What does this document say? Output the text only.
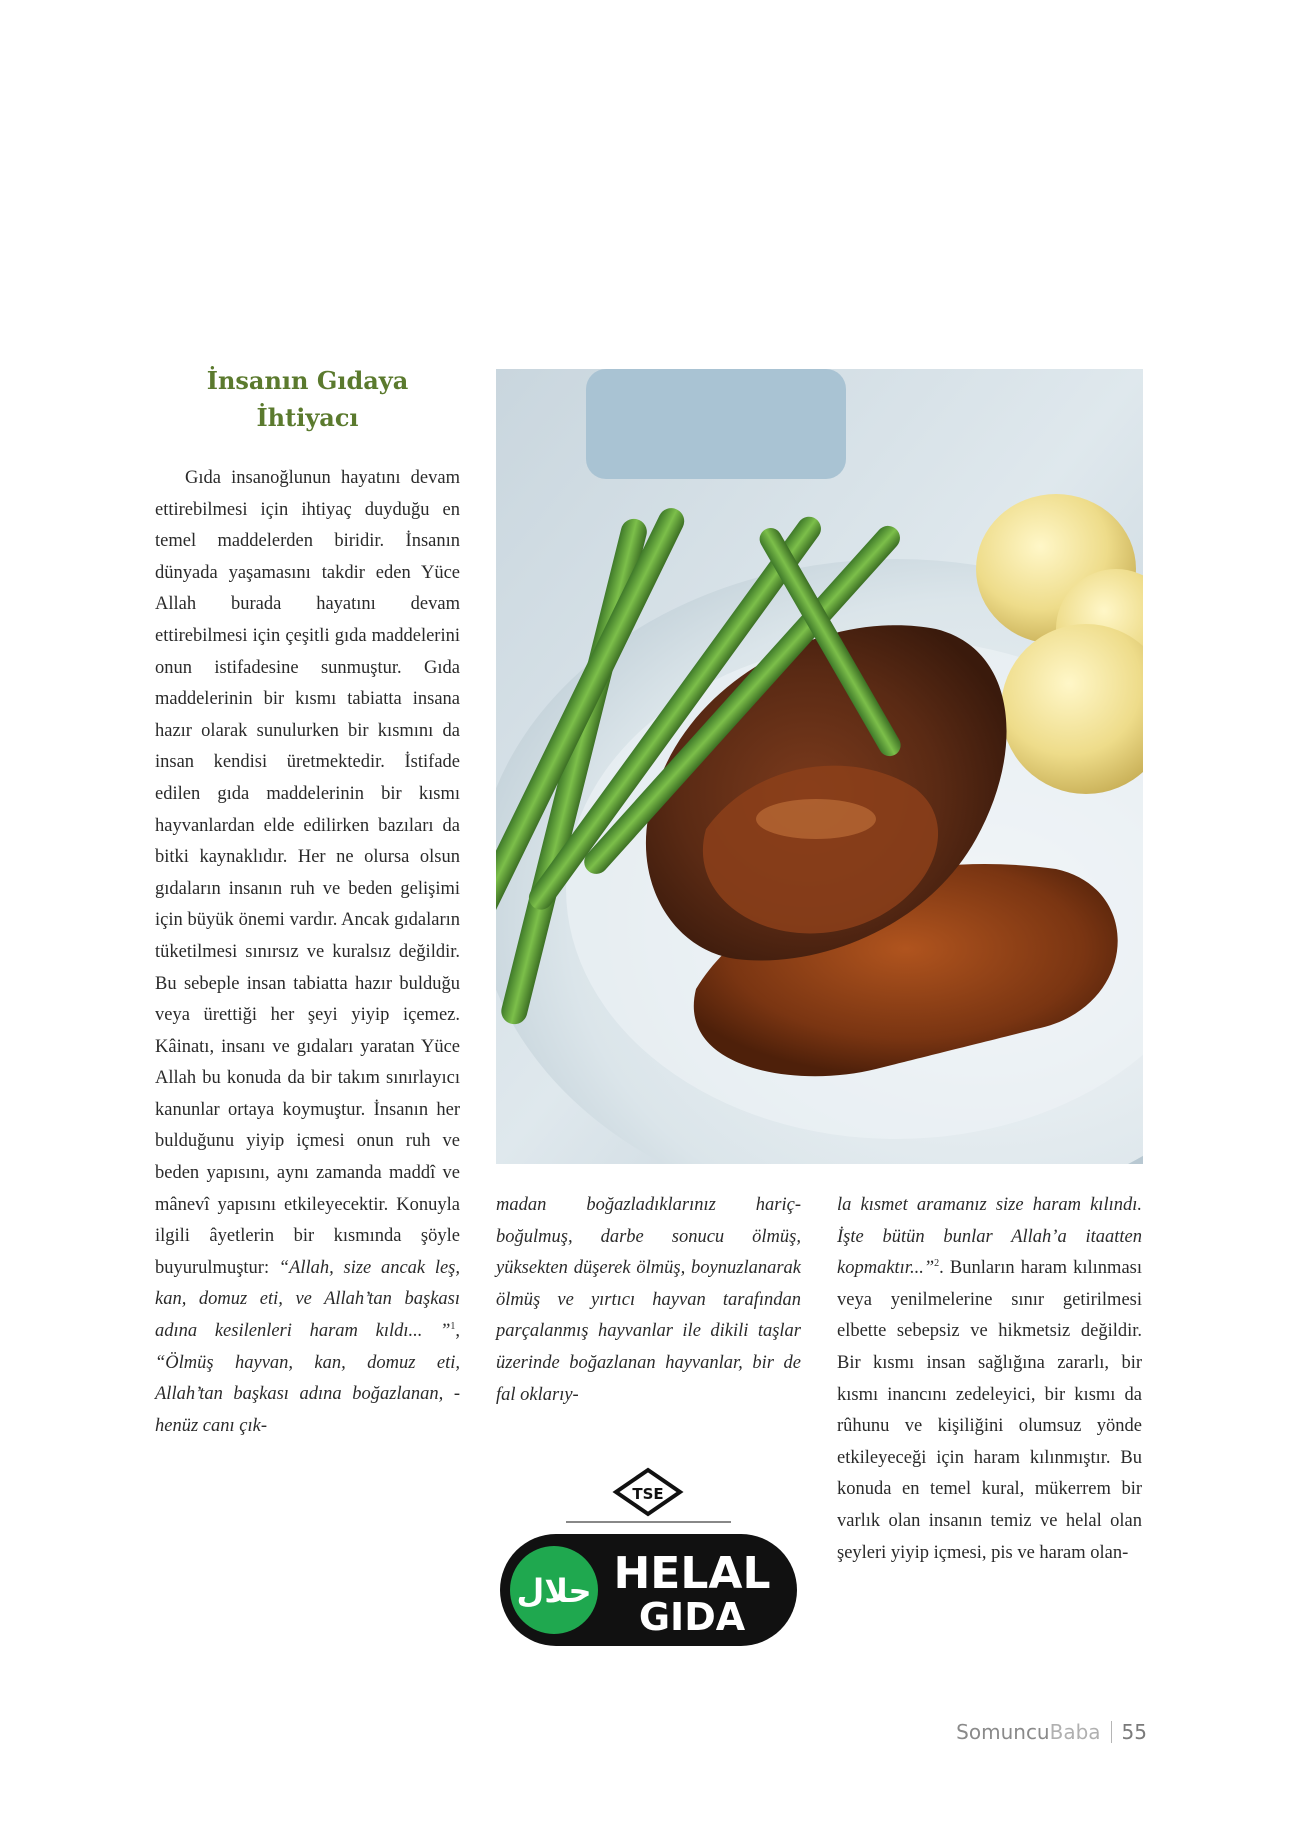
İnsanın Gıdaya
İhtiyacı

Gıda insanoğlunun hayatını devam ettirebilmesi için ihtiyaç duyduğu en temel maddelerden biridir. İnsanın dünyada yaşamasını takdir eden Yüce Allah burada hayatını devam ettirebilmesi için çeşitli gıda maddelerini onun istifadesine sunmuştur. Gıda maddelerinin bir kısmı tabiatta insana hazır olarak sunulurken bir kısmını da insan kendisi üretmektedir. İstifade edilen gıda maddelerinin bir kısmı hayvanlardan elde edilirken bazıları da bitki kaynaklıdır. Her ne olursa olsun gıdaların insanın ruh ve beden gelişimi için büyük önemi vardır. Ancak gıdaların tüketilmesi sınırsız ve kuralsız değildir. Bu sebeple insan tabiatta hazır bulduğu veya ürettiği her şeyi yiyip içemez. Kâinatı, insanı ve gıdaları yaratan Yüce Allah bu konuda da bir takım sınırlayıcı kanunlar ortaya koymuştur. İnsanın her bulduğunu yiyip içmesi onun ruh ve beden yapısını, aynı zamanda maddî ve mânevî yapısını etkileyecektir. Konuyla ilgili âyetlerin bir kısmında şöyle buyurulmuştur: “Allah, size ancak leş, kan, domuz eti, ve Allah’tan başkası adına kesilenleri haram kıldı... ”$^1$, “Ölmüş hayvan, kan, domuz eti, Allah’tan başkası adına boğazlanan, -henüz canı çık-

madan boğazladıklarınız hariç- boğulmuş, darbe sonucu ölmüş, yüksekten düşerek ölmüş, boynuzlanarak ölmüş ve yırtıcı hayvan tarafından parçalanmış hayvanlar ile dikili taşlar üzerinde boğazlanan hayvanlar, bir de fal oklarıy-

la kısmet aramanız size haram kılındı. İşte bütün bunlar Allah’a itaatten kopmaktır...”$^2$. Bunların haram kılınması veya yenilmelerine sınır getirilmesi elbette sebepsiz ve hikmetsiz değildir. Bir kısmı insan sağlığına zararlı, bir kısmı inancını zedeleyici, bir kısmı da rûhunu ve kişiliğini olumsuz yönde etkileyeceği için haram kılınmıştır. Bu konuda en temel kural, mükerrem bir varlık olan insanın temiz ve helal olan şeyleri yiyip içmesi, pis ve haram olan-

TSE
حلال HELAL
GIDA
SomuncuBaba 55
